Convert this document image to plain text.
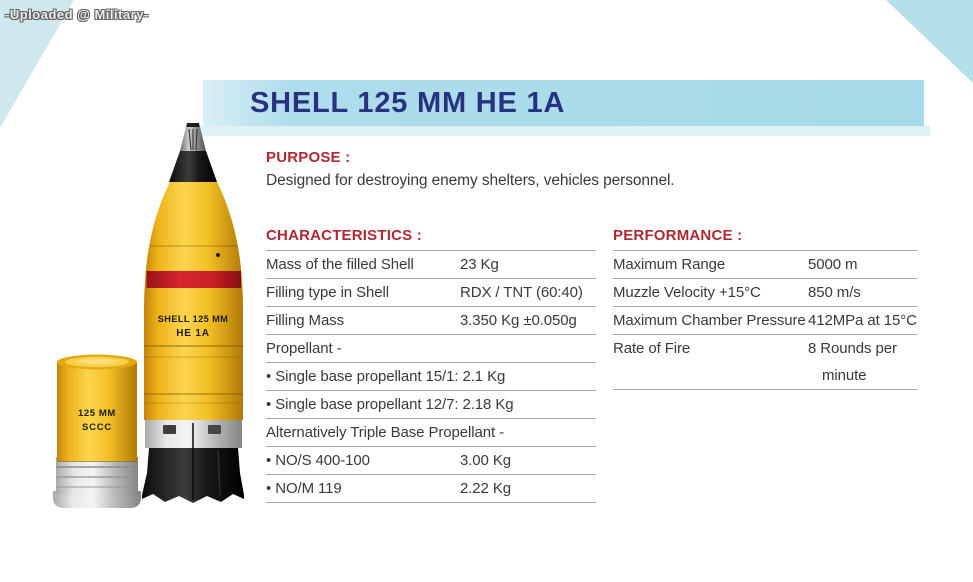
-Uploaded @ Military-
SHELL 125 MM HE 1A
125 MM
SCCC
SHELL 125 MM
HE 1A
PURPOSE :

Designed for destroying enemy shelters, vehicles personnel.

CHARACTERISTICS :
Mass of the filled Shell	23 Kg
Filling type in Shell	RDX / TNT (60:40)
Filling Mass	3.350 Kg ±0.050g
Propellant -
• Single base propellant 15/1: 2.1 Kg
• Single base propellant 12/7: 2.18 Kg
Alternatively Triple Base Propellant -
• NO/S 400-100	3.00 Kg
• NO/M 119	2.22 Kg
PERFORMANCE :
Maximum Range	5000 m
Muzzle Velocity +15°C	850 m/s
Maximum Chamber Pressure 412MPa at 15°C
Rate of Fire	8 Rounds per
minute
